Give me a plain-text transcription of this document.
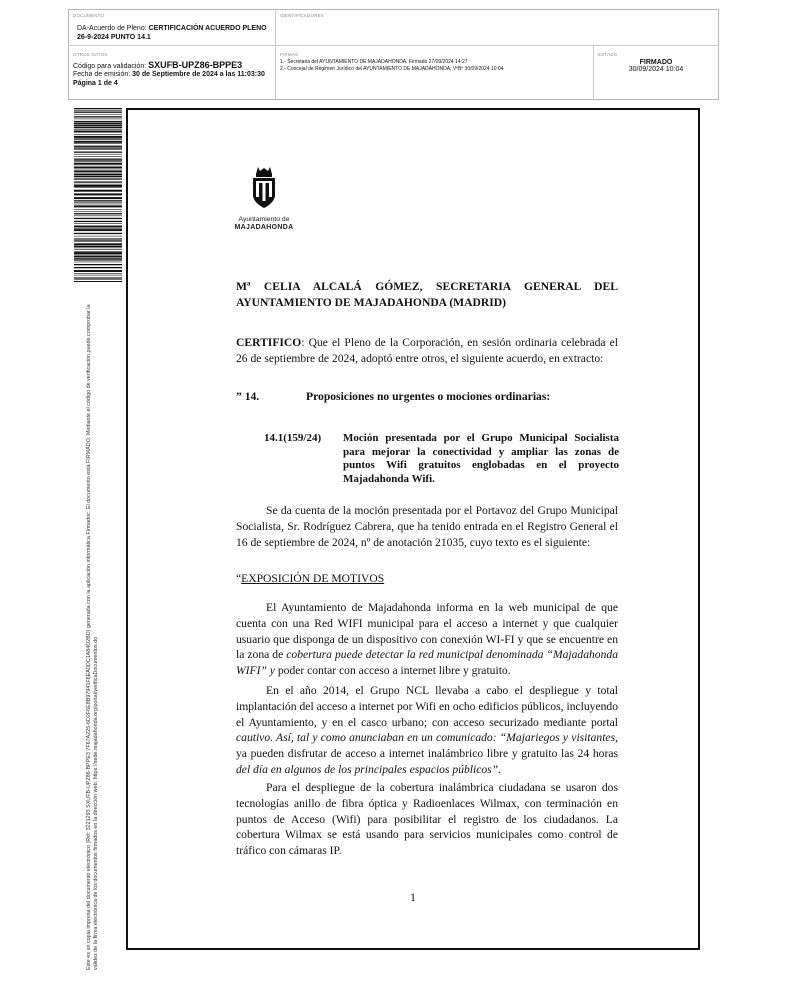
DOCUMENTO
DA-Acuerdo de Pleno: CERTIFICACIÓN ACUERDO PLENO 26-9-2024 PUNTO 14.1
IDENTIFICADORES
OTROS DATOS
Código para validación: SXUFB-UPZ86-BPPE3
Fecha de emisión: 30 de Septiembre de 2024 a las 11:03:30
Página 1 de 4
FIRMAS
1.- Secretaria del AYUNTAMIENTO DE MAJADAHONDA. Firmado 27/09/2024 14:27
2.- Concejal de Régimen Jurídico del AYUNTAMIENTO DE MAJADAHONDA. VºBº 30/09/2024 10:04
ESTADO
FIRMADO
30/09/2024 10:04
Este es un copia impresa del documento electrónico (Ref: 3221293 SXUFB-UPZ86-BPPE3 7F67A225-6D2F6E8B97941F6EA0DC1A84D2BD) generada con la aplicación informática Firmadoc. El documento está FIRMADO. Mediante el código de verificación puede comprobar la validez de la firma electrónica de los documentos firmados en la dirección web: https://sede.majadahonda.org/portal/verificaDocumentos.do
Ayuntamiento de
MAJADAHONDA
Mª CELIA ALCALÁ GÓMEZ, SECRETARIA GENERAL DEL AYUNTAMIENTO DE MAJADAHONDA (MADRID)
CERTIFICO: Que el Pleno de la Corporación, en sesión ordinaria celebrada el 26 de septiembre de 2024, adoptó entre otros, el siguiente acuerdo, en extracto:
” 14.	Proposiciones no urgentes o mociones ordinarias:
14.1(159/24) Moción presentada por el Grupo Municipal Socialista para mejorar la conectividad y ampliar las zonas de puntos Wifi gratuitos englobadas en el proyecto Majadahonda Wifi.
Se da cuenta de la moción presentada por el Portavoz del Grupo Municipal Socialista, Sr. Rodríguez Cabrera, que ha tenido entrada en el Registro General el 16 de septiembre de 2024, nº de anotación 21035, cuyo texto es el siguiente:
“EXPOSICIÓN DE MOTIVOS
El Ayuntamiento de Majadahonda informa en la web municipal de que cuenta con una Red WIFI municipal para el acceso a internet y que cualquier usuario que disponga de un dispositivo con conexión WI-FI y que se encuentre en la zona de cobertura puede detectar la red municipal denominada “Majadahonda WIFI” y poder contar con acceso a internet libre y gratuito.
En el año 2014, el Grupo NCL llevaba a cabo el despliegue y total implantación del acceso a internet por Wifi en ocho edificios públicos, incluyendo el Ayuntamiento, y en el casco urbano; con acceso securizado mediante portal cautivo. Así, tal y como anunciaban en un comunicado: “Majariegos y visitantes, ya pueden disfrutar de acceso a internet inalámbrico libre y gratuito las 24 horas del día en algunos de los principales espacios públicos”.
Para el despliegue de la cobertura inalámbrica ciudadana se usaron dos tecnologías anillo de fibra óptica y Radioenlaces Wilmax, con terminación en puntos de Acceso (Wifi) para posibilitar el registro de los ciudadanos. La cobertura Wilmax se está usando para servicios municipales como control de tráfico con cámaras IP.
1
